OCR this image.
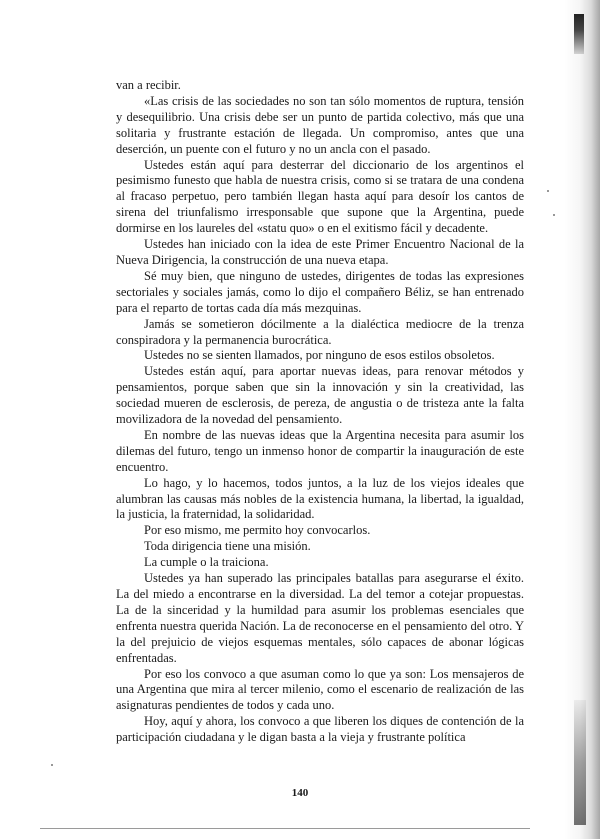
van a recibir.

«Las crisis de las sociedades no son tan sólo momentos de ruptura, tensión y desequilibrio. Una crisis debe ser un punto de partida colectivo, más que una solitaria y frustrante estación de llegada. Un compromiso, antes que una deserción, un puente con el futuro y no un ancla con el pasado.

Ustedes están aquí para desterrar del diccionario de los argentinos el pesimismo funesto que habla de nuestra crisis, como si se tratara de una condena al fracaso perpetuo, pero también llegan hasta aquí para desoír los cantos de sirena del triunfalismo irresponsable que supone que la Argentina, puede dormirse en los laureles del «statu quo» o en el exitismo fácil y decadente.

Ustedes han iniciado con la idea de este Primer Encuentro Nacional de la Nueva Dirigencia, la construcción de una nueva etapa.

Sé muy bien, que ninguno de ustedes, dirigentes de todas las expresiones sectoriales y sociales jamás, como lo dijo el compañero Béliz, se han entrenado para el reparto de tortas cada día más mezquinas.

Jamás se sometieron dócilmente a la dialéctica mediocre de la trenza conspiradora y la permanencia burocrática.

Ustedes no se sienten llamados, por ninguno de esos estilos obsoletos.

Ustedes están aquí, para aportar nuevas ideas, para renovar métodos y pensamientos, porque saben que sin la innovación y sin la creatividad, las sociedad mueren de esclerosis, de pereza, de angustia o de tristeza ante la falta movilizadora de la novedad del pensamiento.

En nombre de las nuevas ideas que la Argentina necesita para asumir los dilemas del futuro, tengo un inmenso honor de compartir la inauguración de este encuentro.

Lo hago, y lo hacemos, todos juntos, a la luz de los viejos ideales que alumbran las causas más nobles de la existencia humana, la libertad, la igualdad, la justicia, la fraternidad, la solidaridad.

Por eso mismo, me permito hoy convocarlos.

Toda dirigencia tiene una misión.

La cumple o la traiciona.

Ustedes ya han superado las principales batallas para asegurarse el éxito. La del miedo a encontrarse en la diversidad. La del temor a cotejar propuestas. La de la sinceridad y la humildad para asumir los problemas esenciales que enfrenta nuestra querida Nación. La de reconocerse en el pensamiento del otro. Y la del prejuicio de viejos esquemas mentales, sólo capaces de abonar lógicas enfrentadas.

Por eso los convoco a que asuman como lo que ya son: Los mensajeros de una Argentina que mira al tercer milenio, como el escenario de realización de las asignaturas pendientes de todos y cada uno.

Hoy, aquí y ahora, los convoco a que liberen los diques de contención de la participación ciudadana y le digan basta a la vieja y frustrante política

140
